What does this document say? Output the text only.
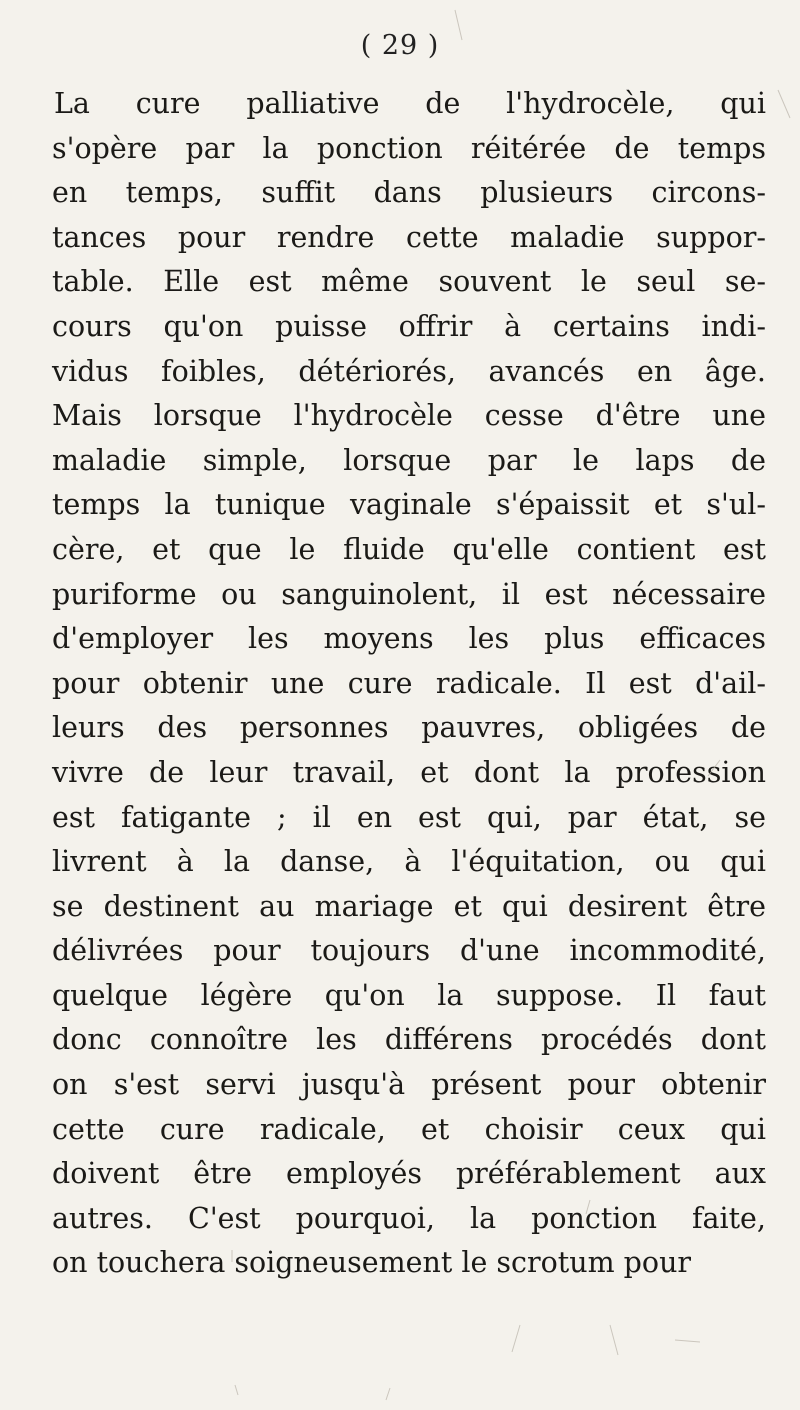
( 29 )
La cure palliative de l'hydrocèle, qui
s'opère par la ponction réitérée de temps
en temps, suffit dans plusieurs circons-
tances pour rendre cette maladie suppor-
table. Elle est même souvent le seul se-
cours qu'on puisse offrir à certains indi-
vidus foibles, détériorés, avancés en âge.
Mais lorsque l'hydrocèle cesse d'être une
maladie simple, lorsque par le laps de
temps la tunique vaginale s'épaissit et s'ul-
cère, et que le fluide qu'elle contient est
puriforme ou sanguinolent, il est nécessaire
d'employer les moyens les plus efficaces
pour obtenir une cure radicale. Il est d'ail-
leurs des personnes pauvres, obligées de
vivre de leur travail, et dont la profession
est fatigante ; il en est qui, par état, se
livrent à la danse, à l'équitation, ou qui
se destinent au mariage et qui desirent être
délivrées pour toujours d'une incommodité,
quelque légère qu'on la suppose. Il faut
donc connoître les différens procédés dont
on s'est servi jusqu'à présent pour obtenir
cette cure radicale, et choisir ceux qui
doivent être employés préférablement aux
autres. C'est pourquoi, la ponction faite,
on touchera soigneusement le scrotum pour
